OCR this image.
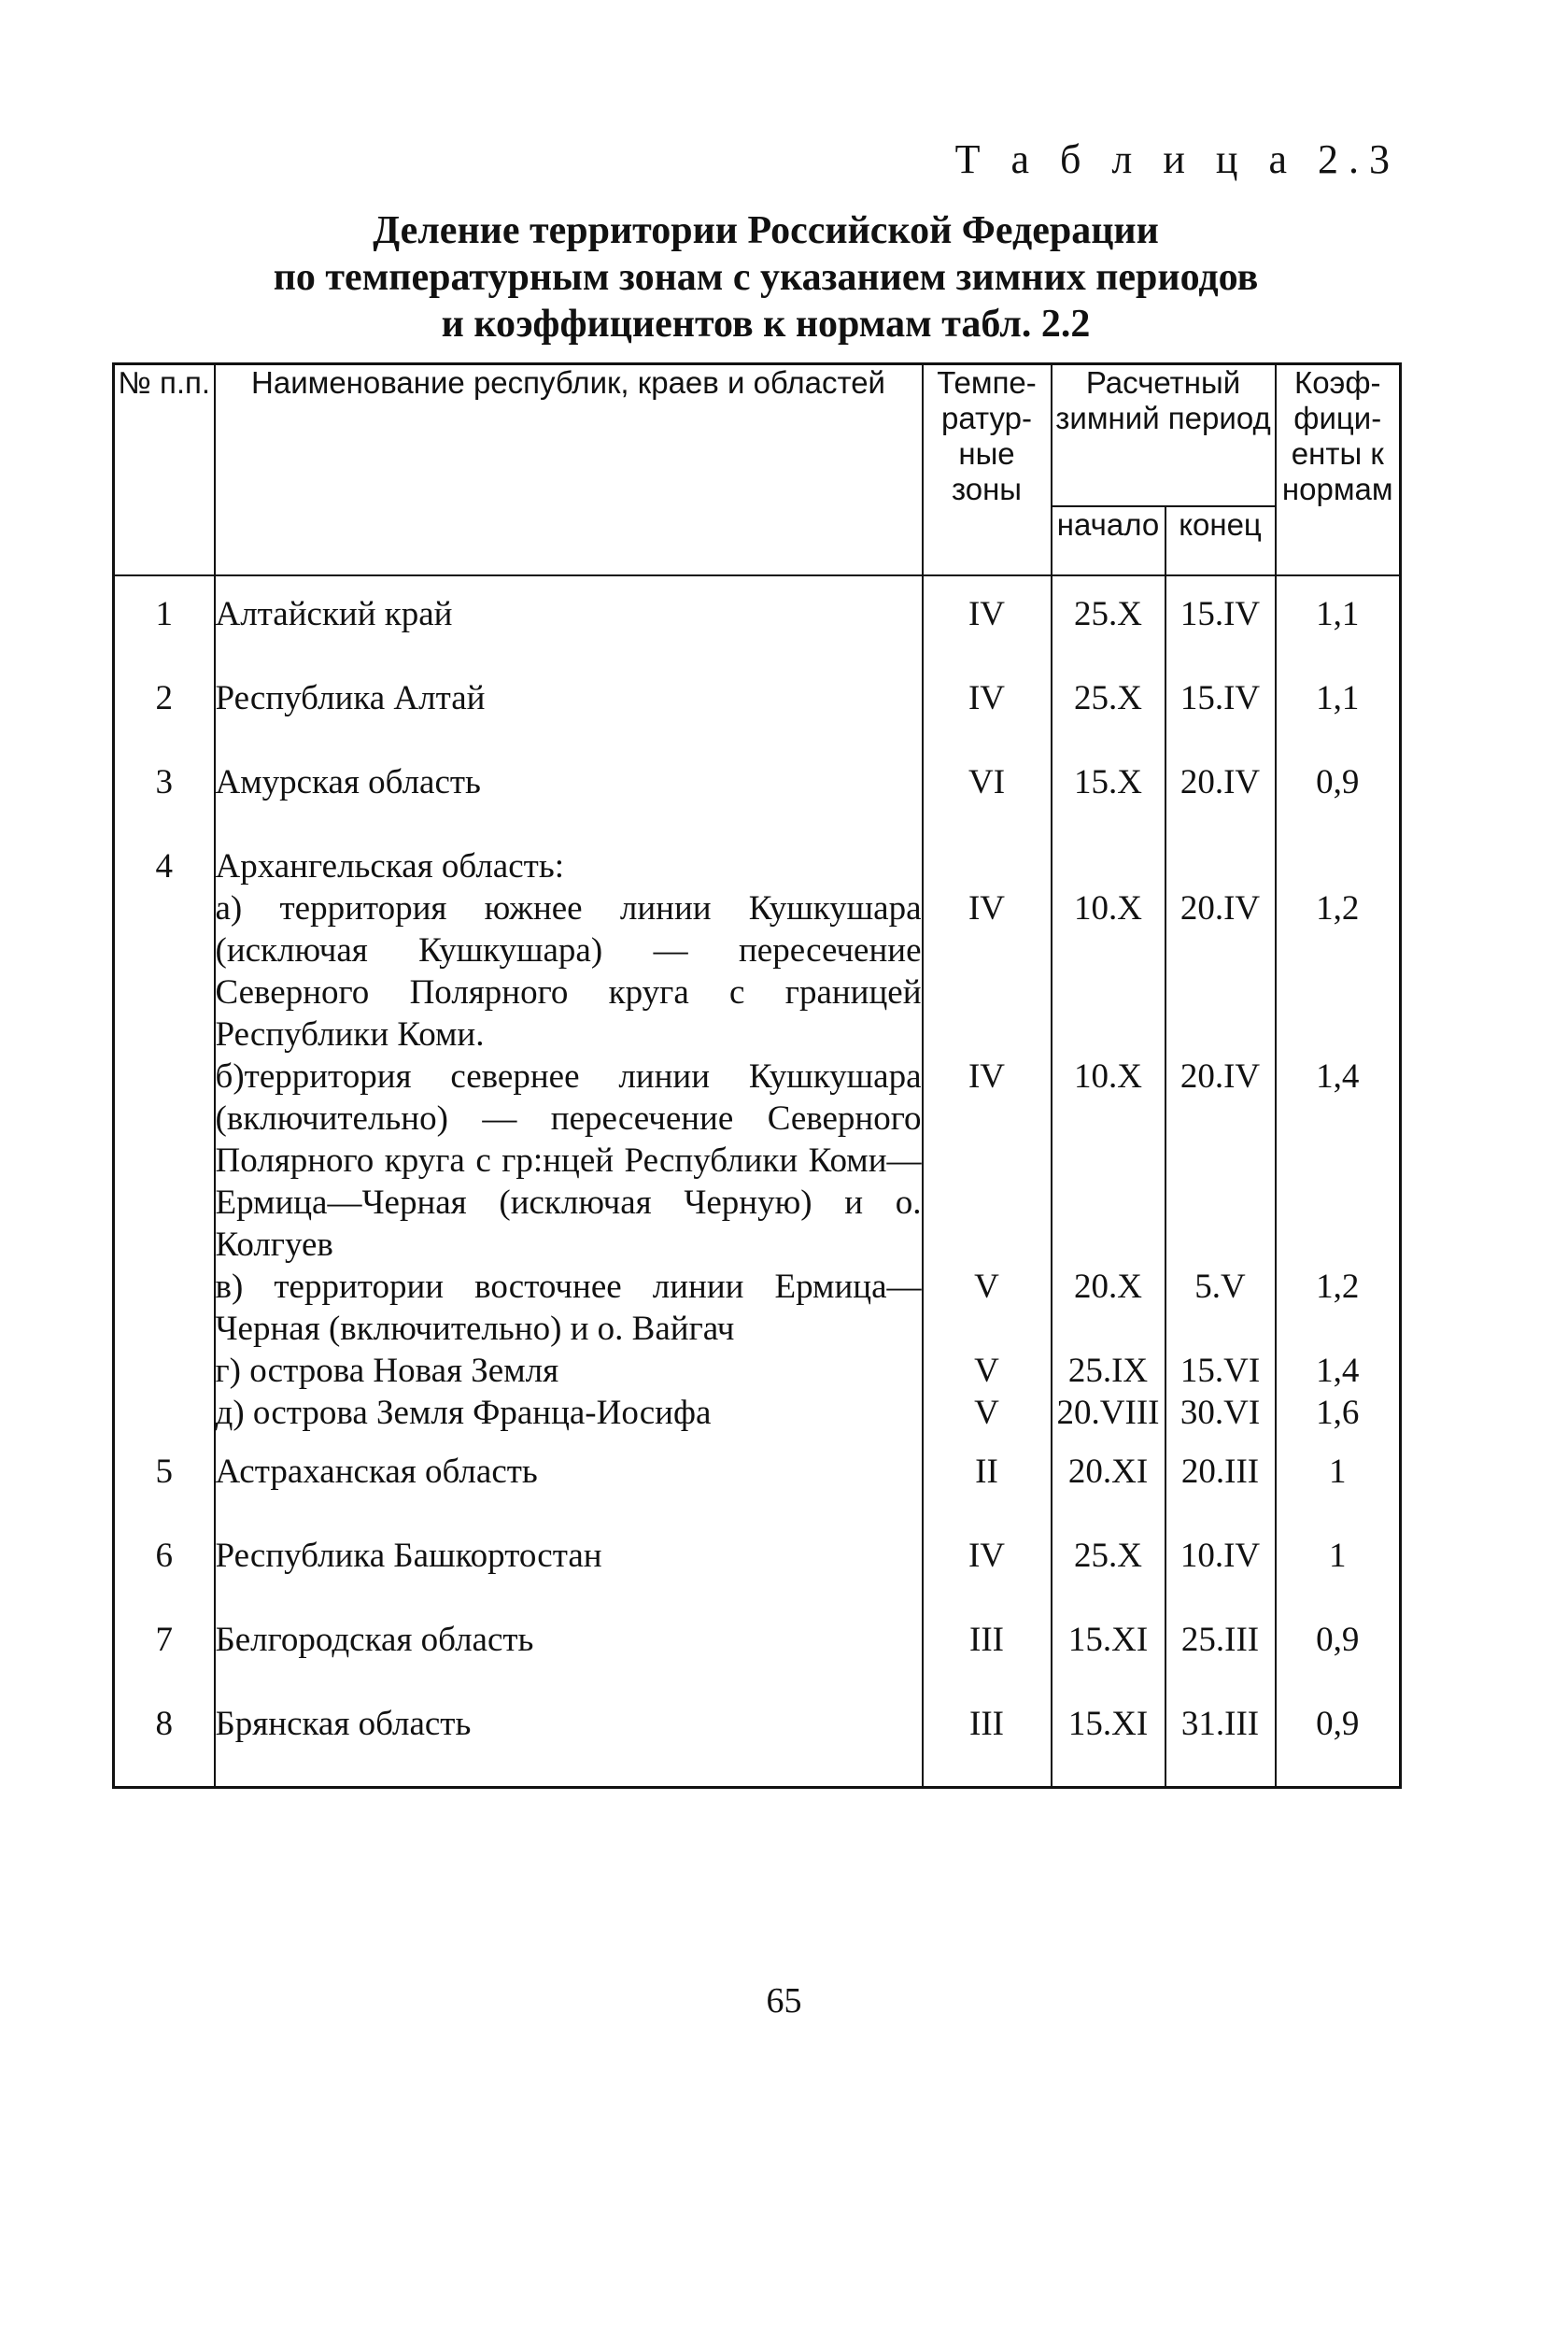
Т а б л и ц а 2.3
Деление территории Российской Федерации
по температурным зонам с указанием зимних периодов
и коэффициентов к нормам табл. 2.2
№ п.п.	Наименование республик, краев и областей	Темпе-ратур-ные зоны	Расчетный зимний период		Коэф-фици-енты к нормам
			начало	конец	

1	Алтайский край	IV	25.X	15.IV	1,1
2	Республика Алтай	IV	25.X	15.IV	1,1
3	Амурская область	VI	15.X	20.IV	0,9
4	Архангельская область:				
	а) территория южнее линии Кушкушара (исключая Кушкушара) — пересечение Северного Полярного круга с границей Республики Коми.	IV	10.X	20.IV	1,2
	б)территория севернее линии Кушкушара (включительно) — пересечение Северного Полярного круга с гр:нцей Республики Коми—Ермица—Черная (исключая Черную) и о. Колгуев	IV	10.X	20.IV	1,4
	в) территории восточнее линии Ермица—Черная (включительно) и о. Вайгач	V	20.X	5.V	1,2
	г) острова Новая Земля	V	25.IX	15.VI	1,4
	д) острова Земля Франца-Иосифа	V	20.VIII	30.VI	1,6

5	Астраханская область	II	20.XI	20.III	1
6	Республика Башкортостан	IV	25.X	10.IV	1
7	Белгородская область	III	15.XI	25.III	0,9
8	Брянская область	III	15.XI	31.III	0,9
65
